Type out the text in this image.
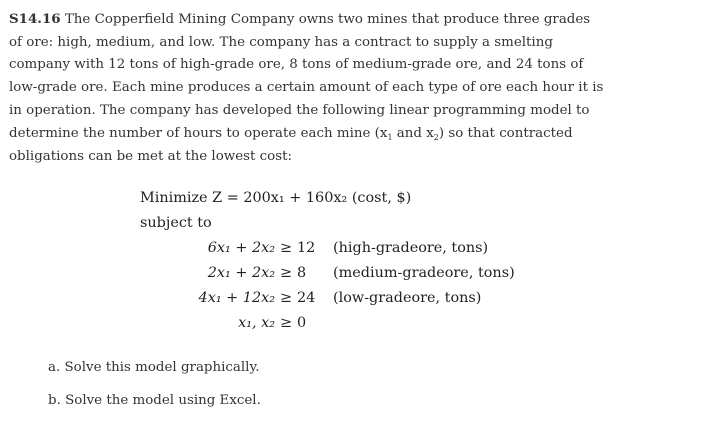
S14.16 The Copperfield Mining Company owns two mines that produce three grades
of ore: high, medium, and low. The company has a contract to supply a smelting
company with 12 tons of high-grade ore, 8 tons of medium-grade ore, and 24 tons of
low-grade ore. Each mine produces a certain amount of each type of ore each hour it is
in operation. The company has developed the following linear programming model to
determine the number of hours to operate each mine ($x_1$ and $x_2$) so that contracted
obligations can be met at the lowest cost:
Minimize Z = 200x₁ + 160x₂ (cost, $)
subject to
6x₁ + 2x₂ ≥ 12 (high-gradeore, tons)
2x₁ + 2x₂ ≥ 8 (medium-gradeore, tons)
4x₁ + 12x₂ ≥ 24 (low-gradeore, tons)
x₁, x₂ ≥ 0
a. Solve this model graphically.
b. Solve the model using Excel.
